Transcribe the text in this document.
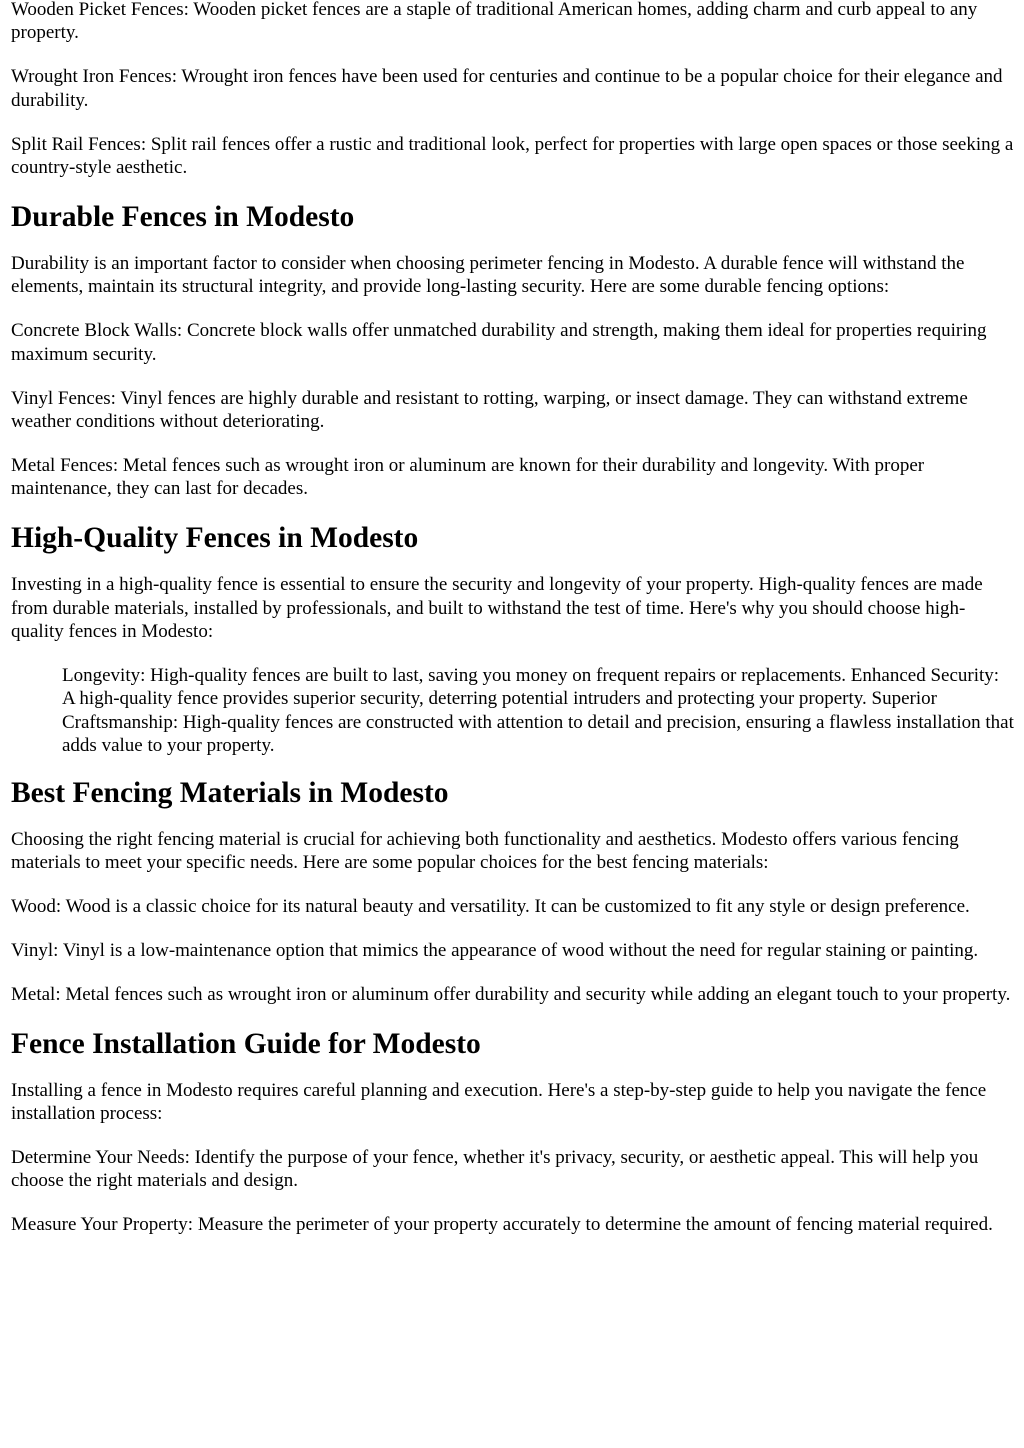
Wooden Picket Fences: Wooden picket fences are a staple of traditional American homes, adding charm and curb appeal to any property.

Wrought Iron Fences: Wrought iron fences have been used for centuries and continue to be a popular choice for their elegance and durability.

Split Rail Fences: Split rail fences offer a rustic and traditional look, perfect for properties with large open spaces or those seeking a country-style aesthetic.

Durable Fences in Modesto

Durability is an important factor to consider when choosing perimeter fencing in Modesto. A durable fence will withstand the elements, maintain its structural integrity, and provide long-lasting security. Here are some durable fencing options:

Concrete Block Walls: Concrete block walls offer unmatched durability and strength, making them ideal for properties requiring maximum security.

Vinyl Fences: Vinyl fences are highly durable and resistant to rotting, warping, or insect damage. They can withstand extreme weather conditions without deteriorating.

Metal Fences: Metal fences such as wrought iron or aluminum are known for their durability and longevity. With proper maintenance, they can last for decades.

High-Quality Fences in Modesto

Investing in a high-quality fence is essential to ensure the security and longevity of your property. High-quality fences are made from durable materials, installed by professionals, and built to withstand the test of time. Here's why you should choose high-quality fences in Modesto:

Longevity: High-quality fences are built to last, saving you money on frequent repairs or replacements. Enhanced Security: A high-quality fence provides superior security, deterring potential intruders and protecting your property. Superior Craftsmanship: High-quality fences are constructed with attention to detail and precision, ensuring a flawless installation that adds value to your property.

Best Fencing Materials in Modesto

Choosing the right fencing material is crucial for achieving both functionality and aesthetics. Modesto offers various fencing materials to meet your specific needs. Here are some popular choices for the best fencing materials:

Wood: Wood is a classic choice for its natural beauty and versatility. It can be customized to fit any style or design preference.

Vinyl: Vinyl is a low-maintenance option that mimics the appearance of wood without the need for regular staining or painting.

Metal: Metal fences such as wrought iron or aluminum offer durability and security while adding an elegant touch to your property.

Fence Installation Guide for Modesto

Installing a fence in Modesto requires careful planning and execution. Here's a step-by-step guide to help you navigate the fence installation process:

Determine Your Needs: Identify the purpose of your fence, whether it's privacy, security, or aesthetic appeal. This will help you choose the right materials and design.

Measure Your Property: Measure the perimeter of your property accurately to determine the amount of fencing material required.
